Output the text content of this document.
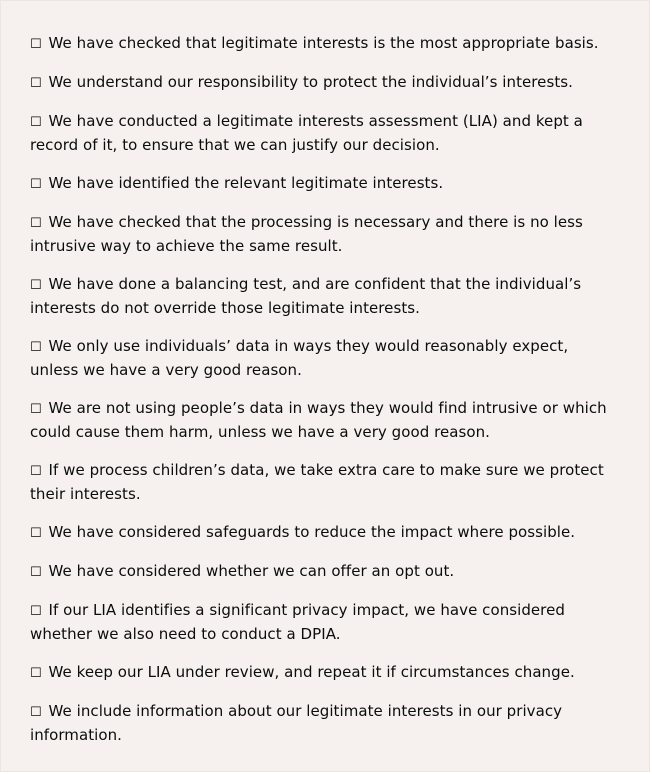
☐ We have checked that legitimate interests is the most appropriate basis.
☐ We understand our responsibility to protect the individual’s interests.
☐ We have conducted a legitimate interests assessment (LIA) and kept a record of it, to ensure that we can justify our decision.
☐ We have identified the relevant legitimate interests.
☐ We have checked that the processing is necessary and there is no less intrusive way to achieve the same result.
☐ We have done a balancing test, and are confident that the individual’s interests do not override those legitimate interests.
☐ We only use individuals’ data in ways they would reasonably expect, unless we have a very good reason.
☐ We are not using people’s data in ways they would find intrusive or which could cause them harm, unless we have a very good reason.
☐ If we process children’s data, we take extra care to make sure we protect their interests.
☐ We have considered safeguards to reduce the impact where possible.
☐ We have considered whether we can offer an opt out.
☐ If our LIA identifies a significant privacy impact, we have considered whether we also need to conduct a DPIA.
☐ We keep our LIA under review, and repeat it if circumstances change.
☐ We include information about our legitimate interests in our privacy information.
